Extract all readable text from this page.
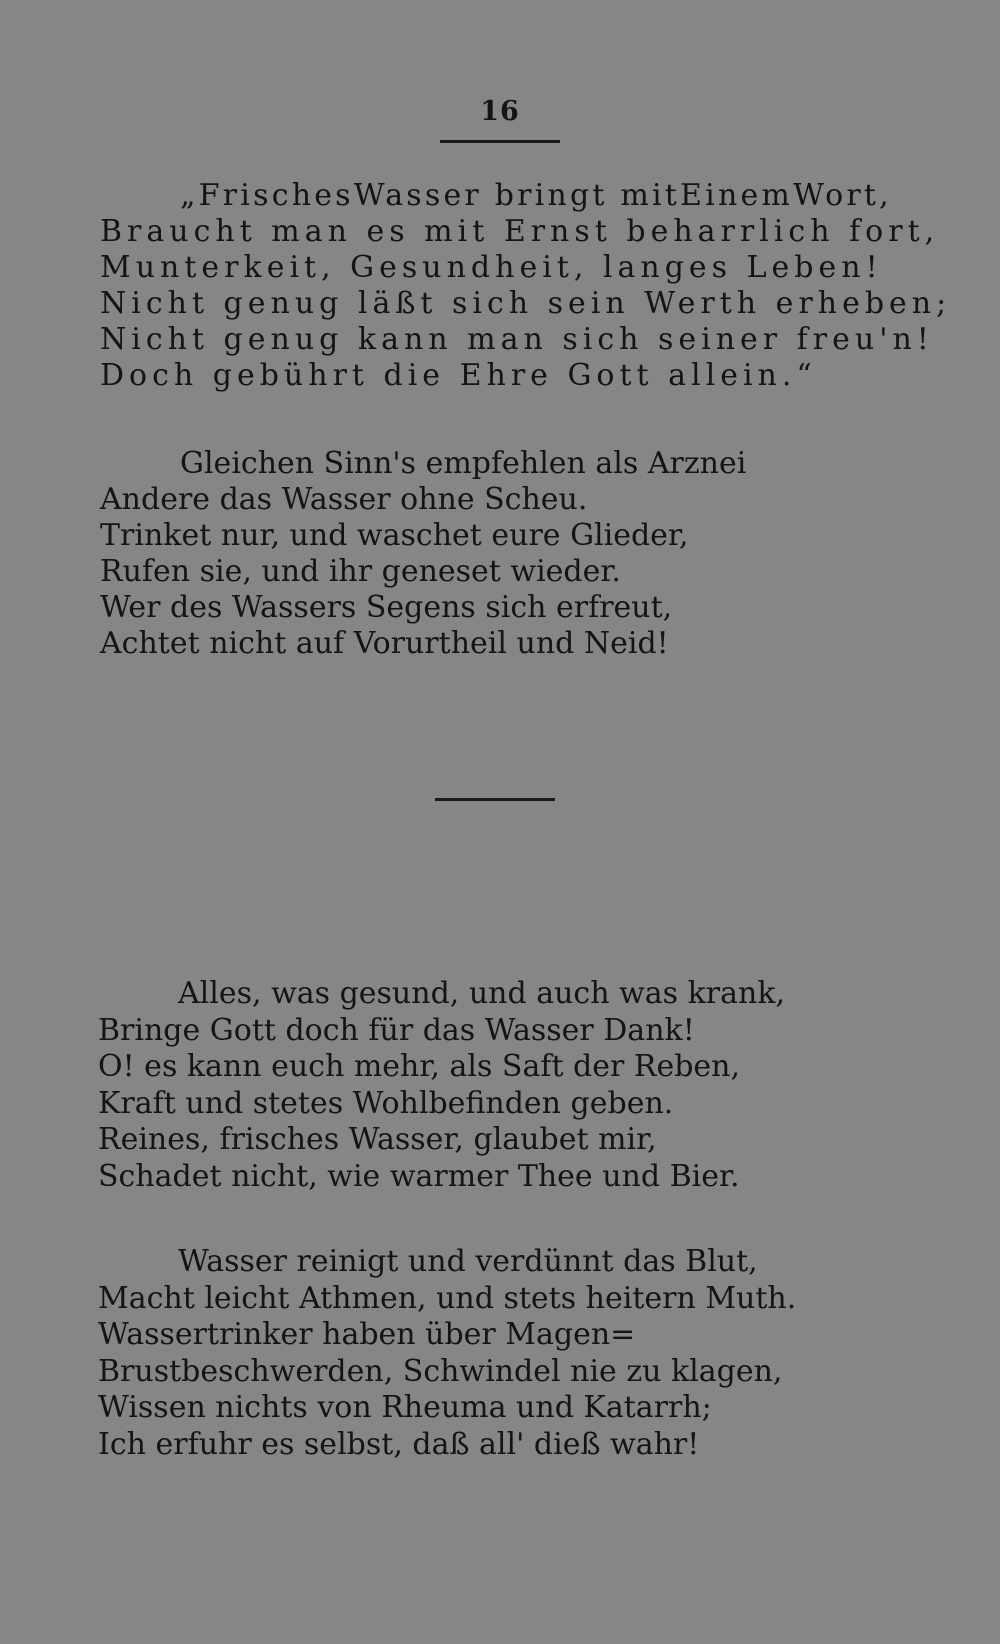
16
„FrischesWasser bringt mitEinemWort,
Braucht man es mit Ernst beharrlich fort,
Munterkeit, Gesundheit, langes Leben!
Nicht genug läßt sich sein Werth erheben;
Nicht genug kann man sich seiner freu'n!
Doch gebührt die Ehre Gott allein.“
Gleichen Sinn's empfehlen als Arznei
Andere das Wasser ohne Scheu.
Trinket nur, und waschet eure Glieder,
Rufen sie, und ihr geneset wieder.
Wer des Wassers Segens sich erfreut,
Achtet nicht auf Vorurtheil und Neid!
Alles, was gesund, und auch was krank,
Bringe Gott doch für das Wasser Dank!
O! es kann euch mehr, als Saft der Reben,
Kraft und stetes Wohlbefinden geben.
Reines, frisches Wasser, glaubet mir,
Schadet nicht, wie warmer Thee und Bier.
Wasser reinigt und verdünnt das Blut,
Macht leicht Athmen, und stets heitern Muth.
Wassertrinker haben über Magen=
Brustbeschwerden, Schwindel nie zu klagen,
Wissen nichts von Rheuma und Katarrh;
Ich erfuhr es selbst, daß all' dieß wahr!
